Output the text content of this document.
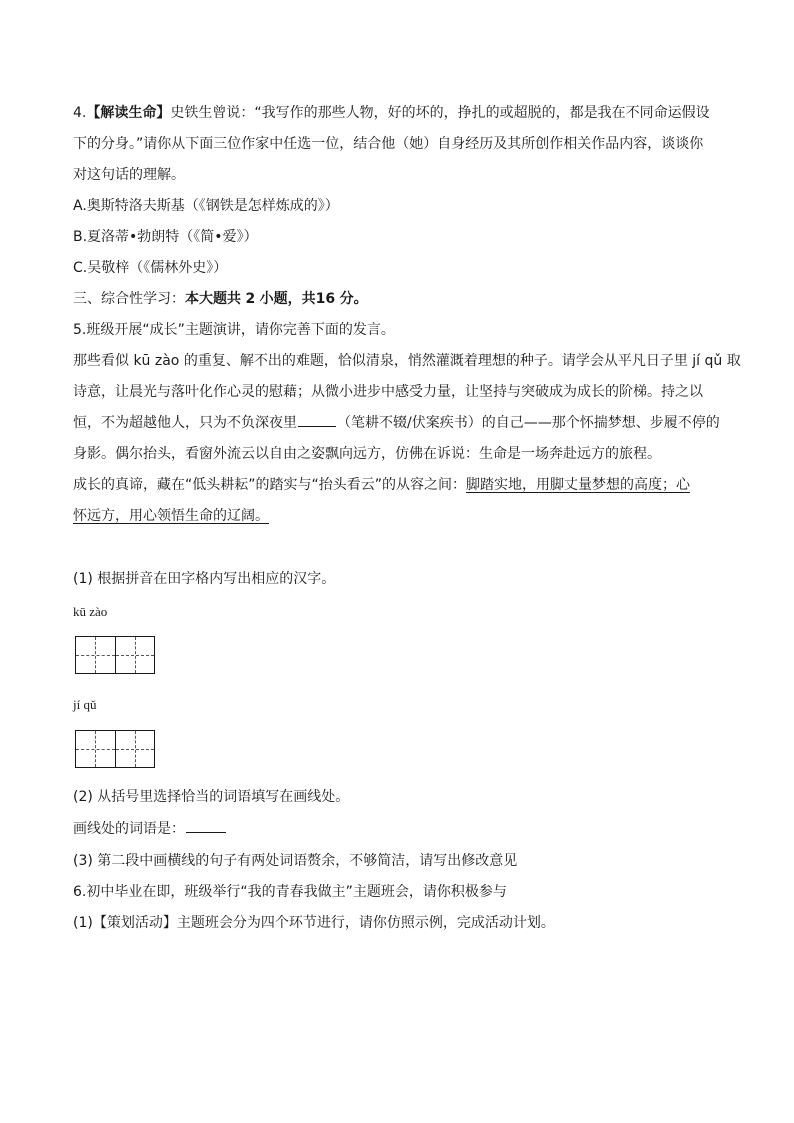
4.【解读生命】史铁生曾说：“我写作的那些人物，好的坏的，挣扎的或超脱的，都是我在不同命运假设
下的分身。”请你从下面三位作家中任选一位，结合他（她）自身经历及其所创作相关作品内容，谈谈你
对这句话的理解。
A.奥斯特洛夫斯基（《钢铁是怎样炼成的》）
B.夏洛蒂•勃朗特（《简•爱》）
C.吴敬梓（《儒林外史》）
三、综合性学习：本大题共 2 小题，共16 分。
5.班级开展“成长”主题演讲，请你完善下面的发言。
那些看似 kū zào 的重复、解不出的难题，恰似清泉，悄然灌溉着理想的种子。请学会从平凡日子里 jí qǔ 取
诗意，让晨光与落叶化作心灵的慰藉；从微小进步中感受力量，让坚持与突破成为成长的阶梯。持之以
恒，不为超越他人，只为不负深夜里	（笔耕不辍/伏案疾书）的自己——那个怀揣梦想、步履不停的
身影。偶尔抬头，看窗外流云以自由之姿飘向远方，仿佛在诉说：生命是一场奔赴远方的旅程。
成长的真谛，藏在“低头耕耘”的踏实与“抬头看云”的从容之间：脚踏实地，用脚丈量梦想的高度；心
怀远方，用心领悟生命的辽阔。
(1) 根据拼音在田字格内写出相应的汉字。
kū zào
jí qǔ
(2) 从括号里选择恰当的词语填写在画线处。
画线处的词语是：
(3) 第二段中画横线的句子有两处词语赘余，不够简洁，请写出修改意见
6.初中毕业在即，班级举行“我的青春我做主”主题班会，请你积极参与
(1)【策划活动】主题班会分为四个环节进行，请你仿照示例，完成活动计划。
